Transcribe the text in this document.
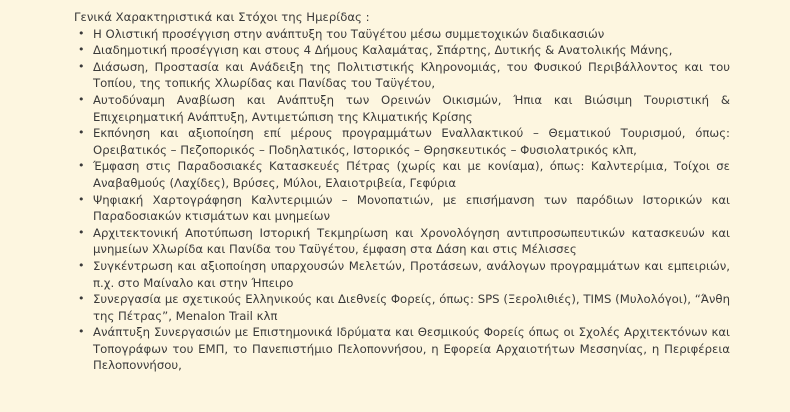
Γενικά Χαρακτηριστικά και Στόχοι της Ημερίδας :

• Η Ολιστική προσέγγιση στην ανάπτυξη του Ταϋγέτου μέσω συμμετοχικών διαδικασιών
• Διαδημοτική προσέγγιση και στους 4 Δήμους Καλαμάτας, Σπάρτης, Δυτικής & Ανατολικής Μάνης,
• Διάσωση, Προστασία και Ανάδειξη της Πολιτιστικής Κληρονομιάς, του Φυσικού Περιβάλλοντος και του Τοπίου, της τοπικής Χλωρίδας και Πανίδας του Ταϋγέτου,
• Αυτοδύναμη Αναβίωση και Ανάπτυξη των Ορεινών Οικισμών, Ήπια και Βιώσιμη Τουριστική & Επιχειρηματική Ανάπτυξη, Αντιμετώπιση της Κλιματικής Κρίσης
• Εκπόνηση και αξιοποίηση επί μέρους προγραμμάτων Εναλλακτικού – Θεματικού Τουρισμού, όπως: Ορειβατικός – Πεζοπορικός – Ποδηλατικός, Ιστορικός – Θρησκευτικός – Φυσιολατρικός κλπ,
• Έμφαση στις Παραδοσιακές Κατασκευές Πέτρας (χωρίς και με κονίαμα), όπως: Καλντερίμια, Τοίχοι σε Αναβαθμούς (Λαχίδες), Βρύσες, Μύλοι, Ελαιοτριβεία, Γεφύρια
• Ψηφιακή Χαρτογράφηση Καλντεριμιών – Μονοπατιών, με επισήμανση των παρόδιων Ιστορικών και Παραδοσιακών κτισμάτων και μνημείων
• Αρχιτεκτονική Αποτύπωση Ιστορική Τεκμηρίωση και Χρονολόγηση αντιπροσωπευτικών κατασκευών και μνημείων Χλωρίδα και Πανίδα του Ταϋγέτου, έμφαση στα Δάση και στις Μέλισσες
• Συγκέντρωση και αξιοποίηση υπαρχουσών Μελετών, Προτάσεων, ανάλογων προγραμμάτων και εμπειριών, π.χ. στο Μαίναλο και στην Ήπειρο
• Συνεργασία με σχετικούς Ελληνικούς και Διεθνείς Φορείς, όπως: SPS (Ξερολιθιές), TIMS (Μυλολόγοι), “Άνθη της Πέτρας”, Menalon Trail κλπ
• Ανάπτυξη Συνεργασιών με Επιστημονικά Ιδρύματα και Θεσμικούς Φορείς όπως οι Σχολές Αρχιτεκτόνων και Τοπογράφων του ΕΜΠ, το Πανεπιστήμιο Πελοποννήσου, η Εφορεία Αρχαιοτήτων Μεσσηνίας, η Περιφέρεια Πελοποννήσου,
